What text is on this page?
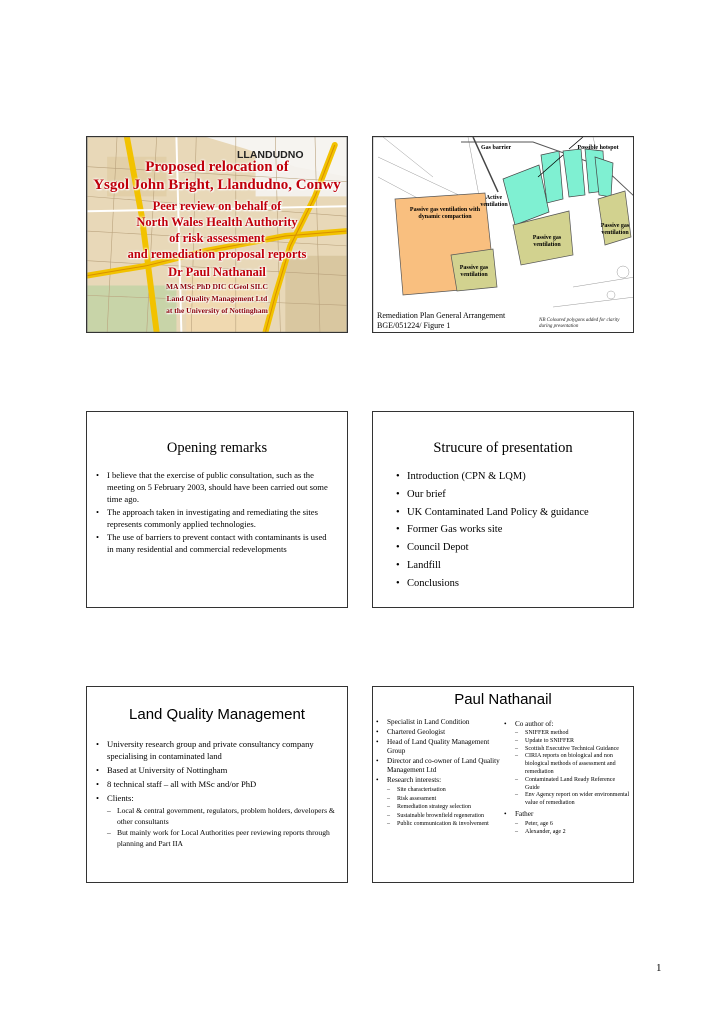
LLANDUDNO
Proposed relocation of
Ysgol John Bright, Llandudno, Conwy
Peer review on behalf of
North Wales Health Authority
of risk assessment
and remediation proposal reports
Dr Paul Nathanail
MA MSc PhD DIC CGeol SILC
Land Quality Management Ltd
at the University of Nottingham
Gas barrier	Possible hotspot
Active ventilation
Passive gas ventilation with dynamic compaction
Passive gas ventilation
Passive gas ventilation
Passive gas ventilation
Remediation Plan General Arrangement
BGE/051224/ Figure 1
NB Coloured polygons added for clarity during presentation
Opening remarks
• I believe that the exercise of public consultation, such as the meeting on 5 February 2003, should have been carried out some time ago.
• The approach taken in investigating and remediating the sites represents commonly applied technologies.
• The use of barriers to prevent contact with contaminants is used in many residential and commercial redevelopments
Strucure of presentation
• Introduction (CPN & LQM)
• Our brief
• UK Contaminated Land Policy & guidance
• Former Gas works site
• Council Depot
• Landfill
• Conclusions
Land Quality Management
• University research group and private consultancy company specialising in contaminated land
• Based at University of Nottingham
• 8 technical staff – all with MSc and/or PhD
• Clients:
– Local & central government, regulators, problem holders, developers & other consultants
– But mainly work for Local Authorities peer reviewing reports through planning and Part IIA
Paul Nathanail
• Specialist in Land Condition
• Chartered Geologist
• Head of Land Quality Management Group
• Director and co-owner of Land Quality Management Ltd
• Research interests:
– Site characterisation
– Risk assessment
– Remediation strategy selection
– Sustainable brownfield regeneration
– Public communication & involvement
• Co author of:
– SNIFFER method
– Update to SNIFFER
– Scottish Executive Technical Guidance
– CIRIA reports on biological and non biological methods of assessment and remediation
– Contaminated Land Ready Reference Guide
– Env Agency report on wider environmental value of remediation
• Father
– Peter, age 6
– Alexander, age 2
1
